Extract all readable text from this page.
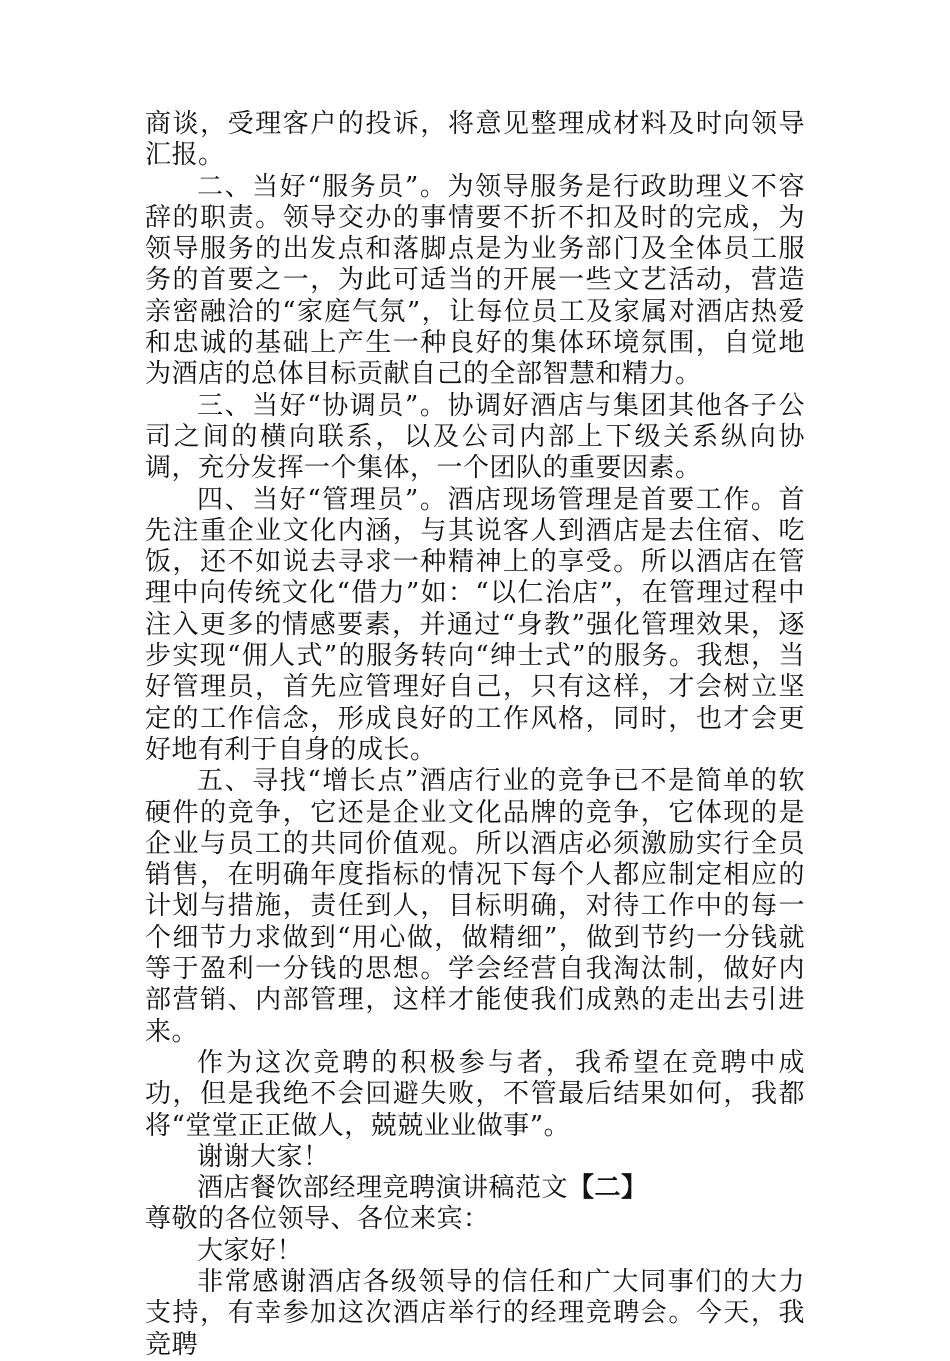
商谈，受理客户的投诉，将意见整理成材料及时向领导汇报。

二、当好“服务员”。为领导服务是行政助理义不容辞的职责。领导交办的事情要不折不扣及时的完成，为领导服务的出发点和落脚点是为业务部门及全体员工服务的首要之一，为此可适当的开展一些文艺活动，营造亲密融洽的“家庭气氛”，让每位员工及家属对酒店热爱和忠诚的基础上产生一种良好的集体环境氛围，自觉地为酒店的总体目标贡献自己的全部智慧和精力。

三、当好“协调员”。协调好酒店与集团其他各子公司之间的横向联系，以及公司内部上下级关系纵向协调，充分发挥一个集体，一个团队的重要因素。

四、当好“管理员”。酒店现场管理是首要工作。首先注重企业文化内涵，与其说客人到酒店是去住宿、吃饭，还不如说去寻求一种精神上的享受。所以酒店在管理中向传统文化“借力”如：“以仁治店”，在管理过程中注入更多的情感要素，并通过“身教”强化管理效果，逐步实现“佣人式”的服务转向“绅士式”的服务。我想，当好管理员，首先应管理好自己，只有这样，才会树立坚定的工作信念，形成良好的工作风格，同时，也才会更好地有利于自身的成长。

五、寻找“增长点”酒店行业的竞争已不是简单的软硬件的竞争，它还是企业文化品牌的竞争，它体现的是企业与员工的共同价值观。所以酒店必须激励实行全员销售，在明确年度指标的情况下每个人都应制定相应的计划与措施，责任到人，目标明确，对待工作中的每一个细节力求做到“用心做，做精细”，做到节约一分钱就等于盈利一分钱的思想。学会经营自我淘汰制，做好内部营销、内部管理，这样才能使我们成熟的走出去引进来。

作为这次竞聘的积极参与者，我希望在竞聘中成功，但是我绝不会回避失败，不管最后结果如何，我都将“堂堂正正做人，兢兢业业做事”。

谢谢大家！

酒店餐饮部经理竞聘演讲稿范文【二】

尊敬的各位领导、各位来宾：

大家好！

非常感谢酒店各级领导的信任和广大同事们的大力支持，有幸参加这次酒店举行的经理竞聘会。今天，我竞聘
